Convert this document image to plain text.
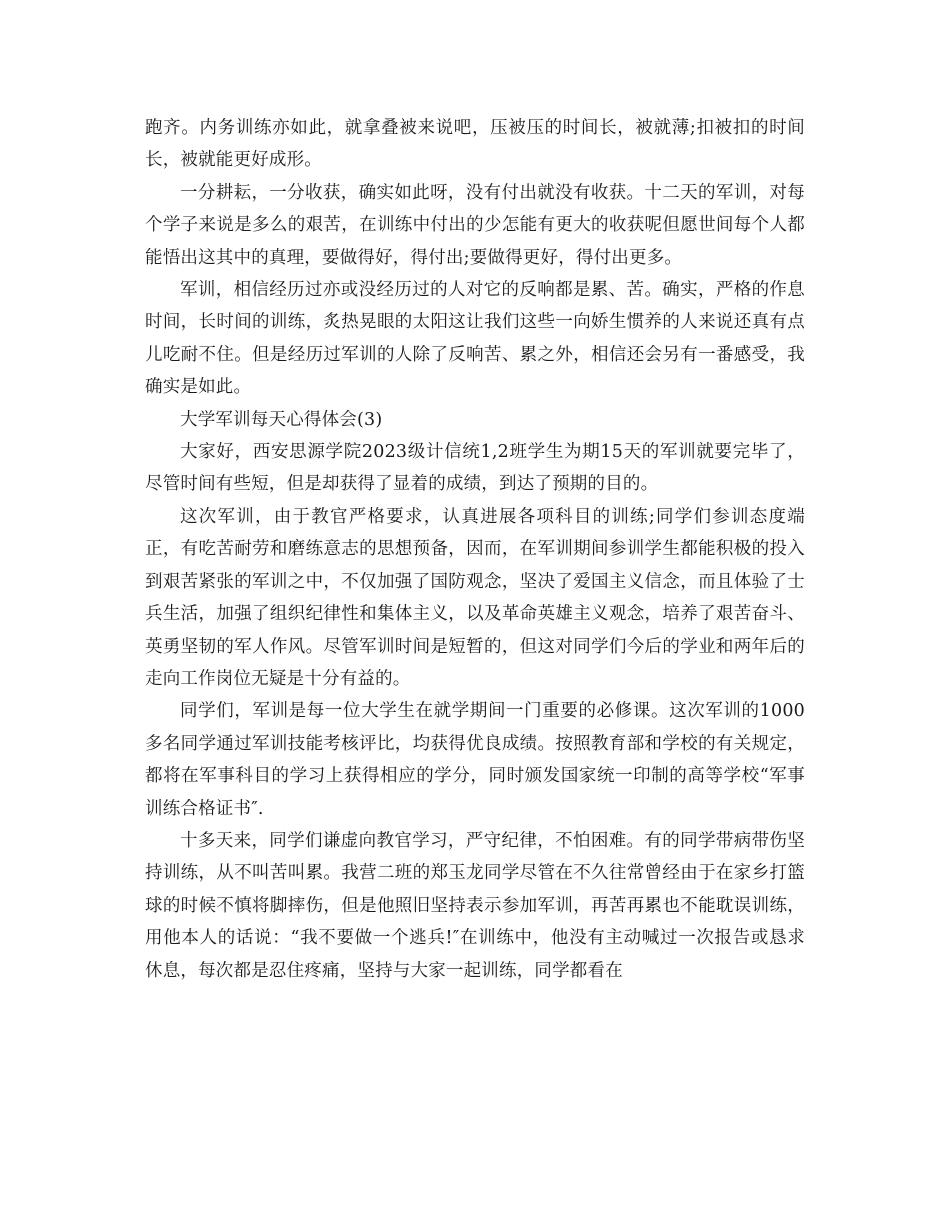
跑齐。内务训练亦如此，就拿叠被来说吧，压被压的时间长，被就薄;扣被扣的时间长，被就能更好成形。

一分耕耘，一分收获，确实如此呀，没有付出就没有收获。十二天的军训，对每个学子来说是多么的艰苦，在训练中付出的少怎能有更大的收获呢但愿世间每个人都能悟出这其中的真理，要做得好，得付出;要做得更好，得付出更多。

军训，相信经历过亦或没经历过的人对它的反响都是累、苦。确实，严格的作息时间，长时间的训练，炙热晃眼的太阳这让我们这些一向娇生惯养的人来说还真有点儿吃耐不住。但是经历过军训的人除了反响苦、累之外，相信还会另有一番感受，我确实是如此。

大学军训每天心得体会(3)

大家好，西安思源学院2023级计信统1,2班学生为期15天的军训就要完毕了，尽管时间有些短，但是却获得了显着的成绩，到达了预期的目的。

这次军训，由于教官严格要求，认真进展各项科目的训练;同学们参训态度端正，有吃苦耐劳和磨练意志的思想预备，因而，在军训期间参训学生都能积极的投入到艰苦紧张的军训之中，不仅加强了国防观念，坚决了爱国主义信念，而且体验了士兵生活，加强了组织纪律性和集体主义，以及革命英雄主义观念，培养了艰苦奋斗、英勇坚韧的军人作风。尽管军训时间是短暂的，但这对同学们今后的学业和两年后的走向工作岗位无疑是十分有益的。

同学们，军训是每一位大学生在就学期间一门重要的必修课。这次军训的1000多名同学通过军训技能考核评比，均获得优良成绩。按照教育部和学校的有关规定，都将在军事科目的学习上获得相应的学分，同时颁发国家统一印制的高等学校“军事训练合格证书″.

十多天来，同学们谦虚向教官学习，严守纪律，不怕困难。有的同学带病带伤坚持训练，从不叫苦叫累。我营二班的郑玉龙同学尽管在不久往常曾经由于在家乡打篮球的时候不慎将脚摔伤，但是他照旧坚持表示参加军训，再苦再累也不能耽误训练，用他本人的话说：“我不要做一个逃兵!″在训练中，他没有主动喊过一次报告或恳求休息，每次都是忍住疼痛，坚持与大家一起训练，同学都看在
